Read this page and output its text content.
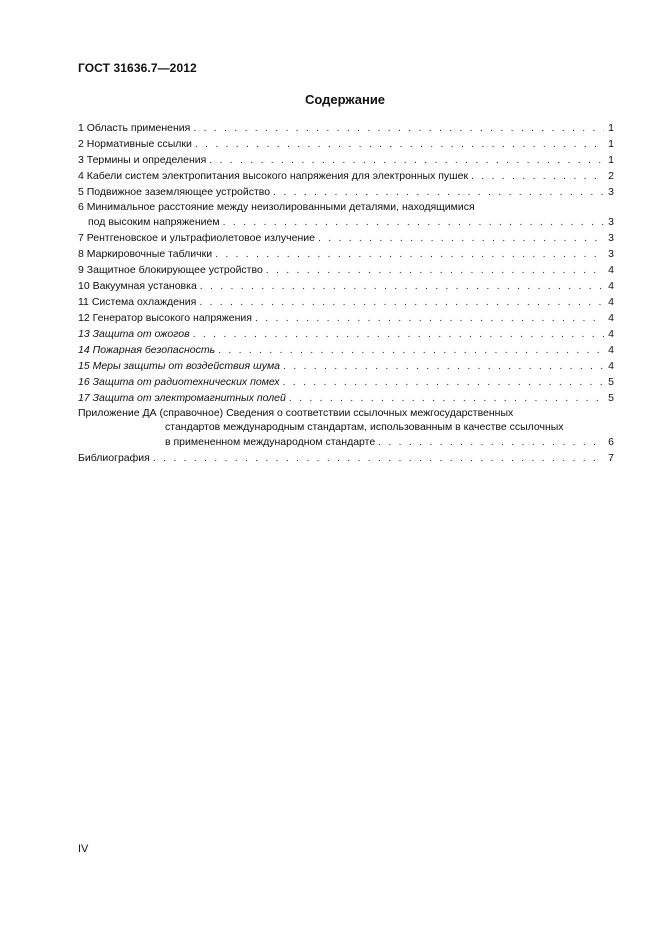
ГОСТ 31636.7—2012
Содержание
1 Область применения . . .	1
2 Нормативные ссылки . . .	1
3 Термины и определения . . .	1
4 Кабели систем электропитания высокого напряжения для электронных пушек . . .	2
5 Подвижное заземляющее устройство . . .	3
6 Минимальное расстояние между неизолированными деталями, находящимися
под высоким напряжением . . .	3
7 Рентгеновское и ультрафиолетовое излучение . . .	3
8 Маркировочные таблички . . .	3
9 Защитное блокирующее устройство . . .	4
10 Вакуумная установка . . .	4
11 Система охлаждения . . .	4
12 Генератор высокого напряжения . . .	4
13 Защита от ожогов . . .	4
14 Пожарная безопасность . . .	4
15 Меры защиты от воздействия шума . . .	4
16 Защита от радиотехнических помех . . .	5
17 Защита от электромагнитных полей . . .	5
Приложение ДА (справочное) Сведения о соответствии ссылочных межгосударственных
стандартов международным стандартам, использованным в качестве ссылочных
в примененном международном стандарте . . .	6
Библиография . . .	7
IV
